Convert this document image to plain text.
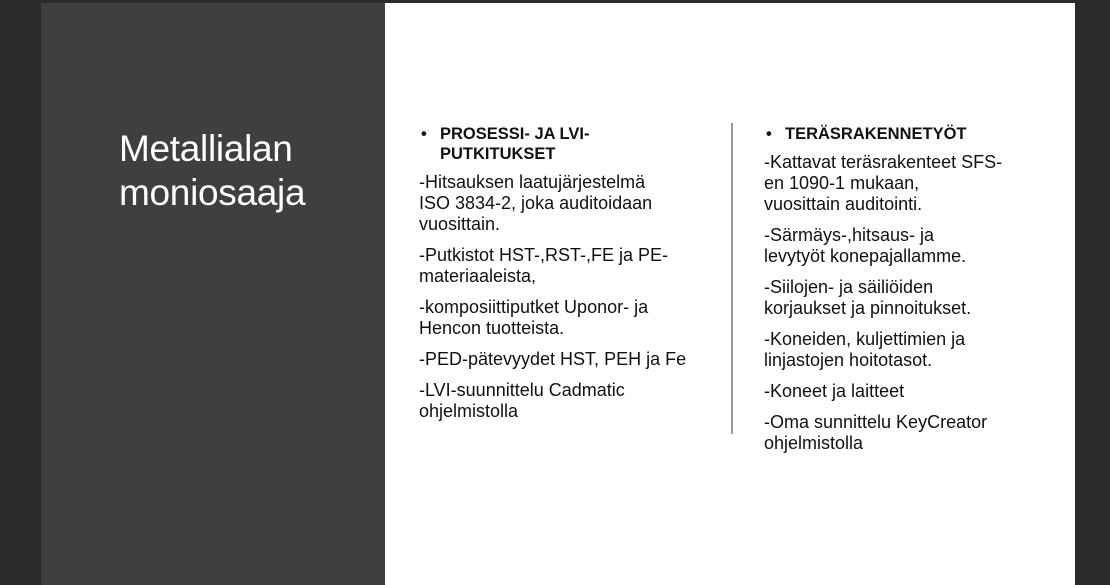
Metallialan
moniosaaja
• PROSESSI- JA LVI-
PUTKITUKSET
-Hitsauksen laatujärjestelmä
ISO 3834-2, joka auditoidaan
vuosittain.
-Putkistot HST-,RST-,FE ja PE-
materiaaleista,
-komposiittiputket Uponor- ja
Hencon tuotteista.
-PED-pätevyydet HST, PEH ja Fe
-LVI-suunnittelu Cadmatic
ohjelmistolla
• TERÄSRAKENNETYÖT
-Kattavat teräsrakenteet SFS-
en 1090-1 mukaan,
vuosittain auditointi.
-Särmäys-,hitsaus- ja
levytyöt konepajallamme.
-Siilojen- ja säiliöiden
korjaukset ja pinnoitukset.
-Koneiden, kuljettimien ja
linjastojen hoitotasot.
-Koneet ja laitteet
-Oma sunnittelu KeyCreator
ohjelmistolla
